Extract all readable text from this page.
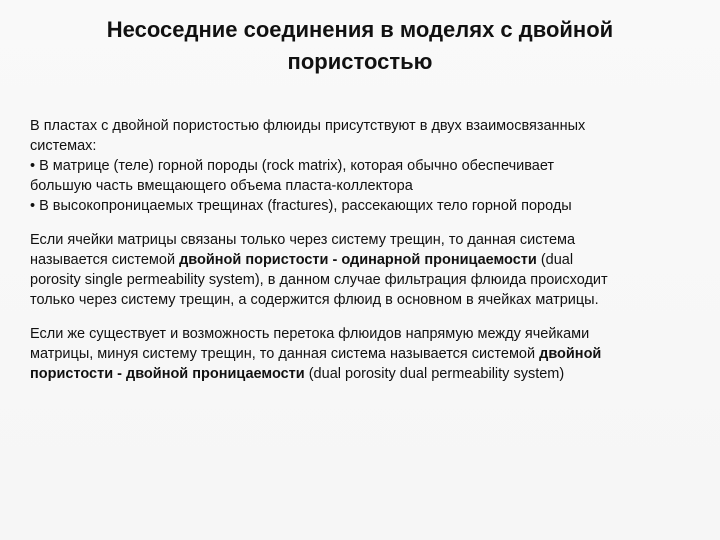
Несоседние соединения в моделях с двойной
пористостью

В пластах с двойной пористостью флюиды присутствуют в двух взаимосвязанных
системах:
• В матрице (теле) горной породы (rock matrix), которая обычно обеспечивает
большую часть вмещающего объема пласта-коллектора
• В высокопроницаемых трещинах (fractures), рассекающих тело горной породы

Если ячейки матрицы связаны только через систему трещин, то данная система
называется системой двойной пористости - одинарной проницаемости (dual
porosity single permeability system), в данном случае фильтрация флюида происходит
только через систему трещин, а содержится флюид в основном в ячейках матрицы.

Если же существует и возможность перетока флюидов напрямую между ячейками
матрицы, минуя систему трещин, то данная система называется системой двойной
пористости - двойной проницаемости (dual porosity dual permeability system)
